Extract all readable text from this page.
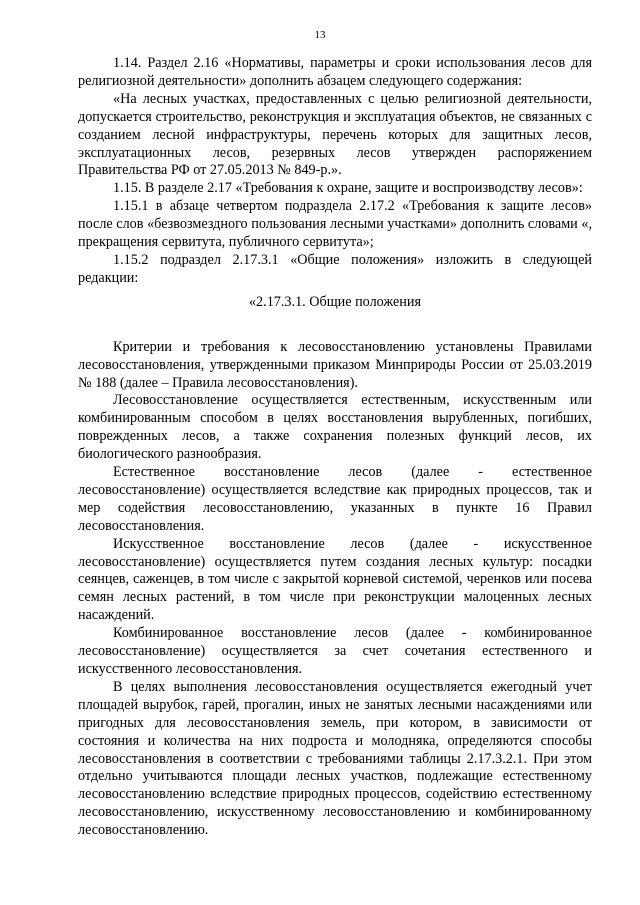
13

1.14. Раздел 2.16 «Нормативы, параметры и сроки использования лесов для религиозной деятельности» дополнить абзацем следующего содержания:

«На лесных участках, предоставленных с целью религиозной деятельности, допускается строительство, реконструкция и эксплуатация объектов, не связанных с созданием лесной инфраструктуры, перечень которых для защитных лесов, эксплуатационных лесов, резервных лесов утвержден распоряжением Правительства РФ от 27.05.2013 № 849-р.».

1.15. В разделе 2.17 «Требования к охране, защите и воспроизводству лесов»:

1.15.1 в абзаце четвертом подраздела 2.17.2 «Требования к защите лесов» после слов «безвозмездного пользования лесными участками» дополнить словами «, прекращения сервитута, публичного сервитута»;

1.15.2 подраздел 2.17.3.1 «Общие положения» изложить в следующей редакции:

«2.17.3.1. Общие положения

Критерии и требования к лесовосстановлению установлены Правилами лесовосстановления, утвержденными приказом Минприроды России от 25.03.2019 № 188 (далее – Правила лесовосстановления).

Лесовосстановление осуществляется естественным, искусственным или комбинированным способом в целях восстановления вырубленных, погибших, поврежденных лесов, а также сохранения полезных функций лесов, их биологического разнообразия.

Естественное восстановление лесов (далее - естественное лесовосстановление) осуществляется вследствие как природных процессов, так и мер содействия лесовосстановлению, указанных в пункте 16 Правил лесовосстановления.

Искусственное восстановление лесов (далее - искусственное лесовосстановление) осуществляется путем создания лесных культур: посадки сеянцев, саженцев, в том числе с закрытой корневой системой, черенков или посева семян лесных растений, в том числе при реконструкции малоценных лесных насаждений.

Комбинированное восстановление лесов (далее - комбинированное лесовосстановление) осуществляется за счет сочетания естественного и искусственного лесовосстановления.

В целях выполнения лесовосстановления осуществляется ежегодный учет площадей вырубок, гарей, прогалин, иных не занятых лесными насаждениями или пригодных для лесовосстановления земель, при котором, в зависимости от состояния и количества на них подроста и молодняка, определяются способы лесовосстановления в соответствии с требованиями таблицы 2.17.3.2.1. При этом отдельно учитываются площади лесных участков, подлежащие естественному лесовосстановлению вследствие природных процессов, содействию естественному лесовосстановлению, искусственному лесовосстановлению и комбинированному лесовосстановлению.
